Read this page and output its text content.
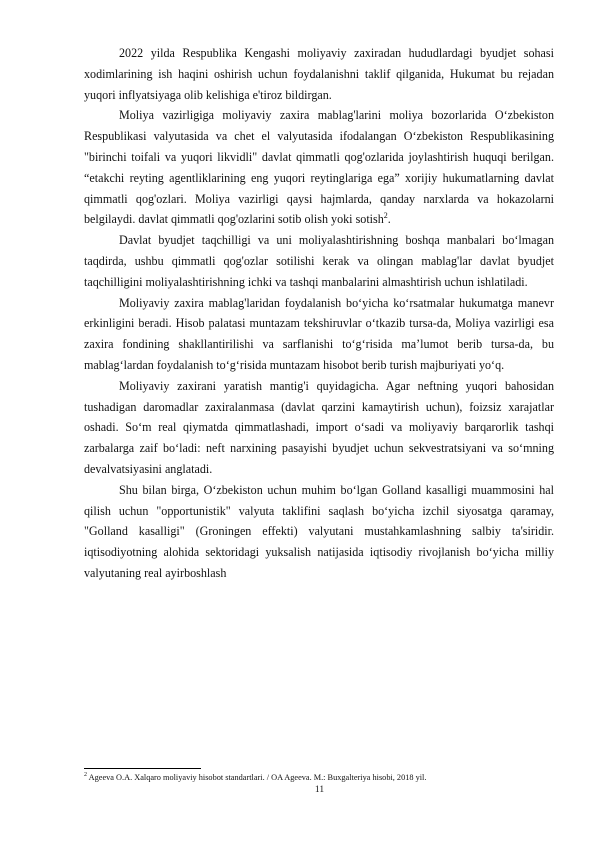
2022 yilda Respublika Kengashi moliyaviy zaxiradan hududlardagi byudjet sohasi xodimlarining ish haqini oshirish uchun foydalanishni taklif qilganida, Hukumat bu rejadan yuqori inflyatsiyaga olib kelishiga e'tiroz bildirgan.

Moliya vazirligiga moliyaviy zaxira mablag'larini moliya bozorlarida O‘zbekiston Respublikasi valyutasida va chet el valyutasida ifodalangan O‘zbekiston Respublikasining "birinchi toifali va yuqori likvidli" davlat qimmatli qog'ozlarida joylashtirish huquqi berilgan. “etakchi reyting agentliklarining eng yuqori reytinglariga ega” xorijiy hukumatlarning davlat qimmatli qog'ozlari. Moliya vazirligi qaysi hajmlarda, qanday narxlarda va hokazolarni belgilaydi. davlat qimmatli qog'ozlarini sotib olish yoki sotish$^2$.

Davlat byudjet taqchilligi va uni moliyalashtirishning boshqa manbalari bo‘lmagan taqdirda, ushbu qimmatli qog'ozlar sotilishi kerak va olingan mablag'lar davlat byudjet taqchilligini moliyalashtirishning ichki va tashqi manbalarini almashtirish uchun ishlatiladi.

Moliyaviy zaxira mablag'laridan foydalanish bo‘yicha ko‘rsatmalar hukumatga manevr erkinligini beradi. Hisob palatasi muntazam tekshiruvlar o‘tkazib tursa-da, Moliya vazirligi esa zaxira fondining shakllantirilishi va sarflanishi to‘g‘risida ma’lumot berib tursa-da, bu mablag‘lardan foydalanish to‘g‘risida muntazam hisobot berib turish majburiyati yo‘q.

Moliyaviy zaxirani yaratish mantig'i quyidagicha. Agar neftning yuqori bahosidan tushadigan daromadlar zaxiralanmasa (davlat qarzini kamaytirish uchun), foizsiz xarajatlar oshadi. So‘m real qiymatda qimmatlashadi, import o‘sadi va moliyaviy barqarorlik tashqi zarbalarga zaif bo‘ladi: neft narxining pasayishi byudjet uchun sekvestratsiyani va so‘mning devalvatsiyasini anglatadi.

Shu bilan birga, O‘zbekiston uchun muhim bo‘lgan Golland kasalligi muammosini hal qilish uchun "opportunistik" valyuta taklifini saqlash bo‘yicha izchil siyosatga qaramay, "Golland kasalligi" (Groningen effekti) valyutani mustahkamlashning salbiy ta'siridir. iqtisodiyotning alohida sektoridagi yuksalish natijasida iqtisodiy rivojlanish bo‘yicha milliy valyutaning real ayirboshlash

$^2$ Ageeva O.A. Xalqaro moliyaviy hisobot standartlari. / OA Ageeva. M.: Buxgalteriya hisobi, 2018 yil.
11
